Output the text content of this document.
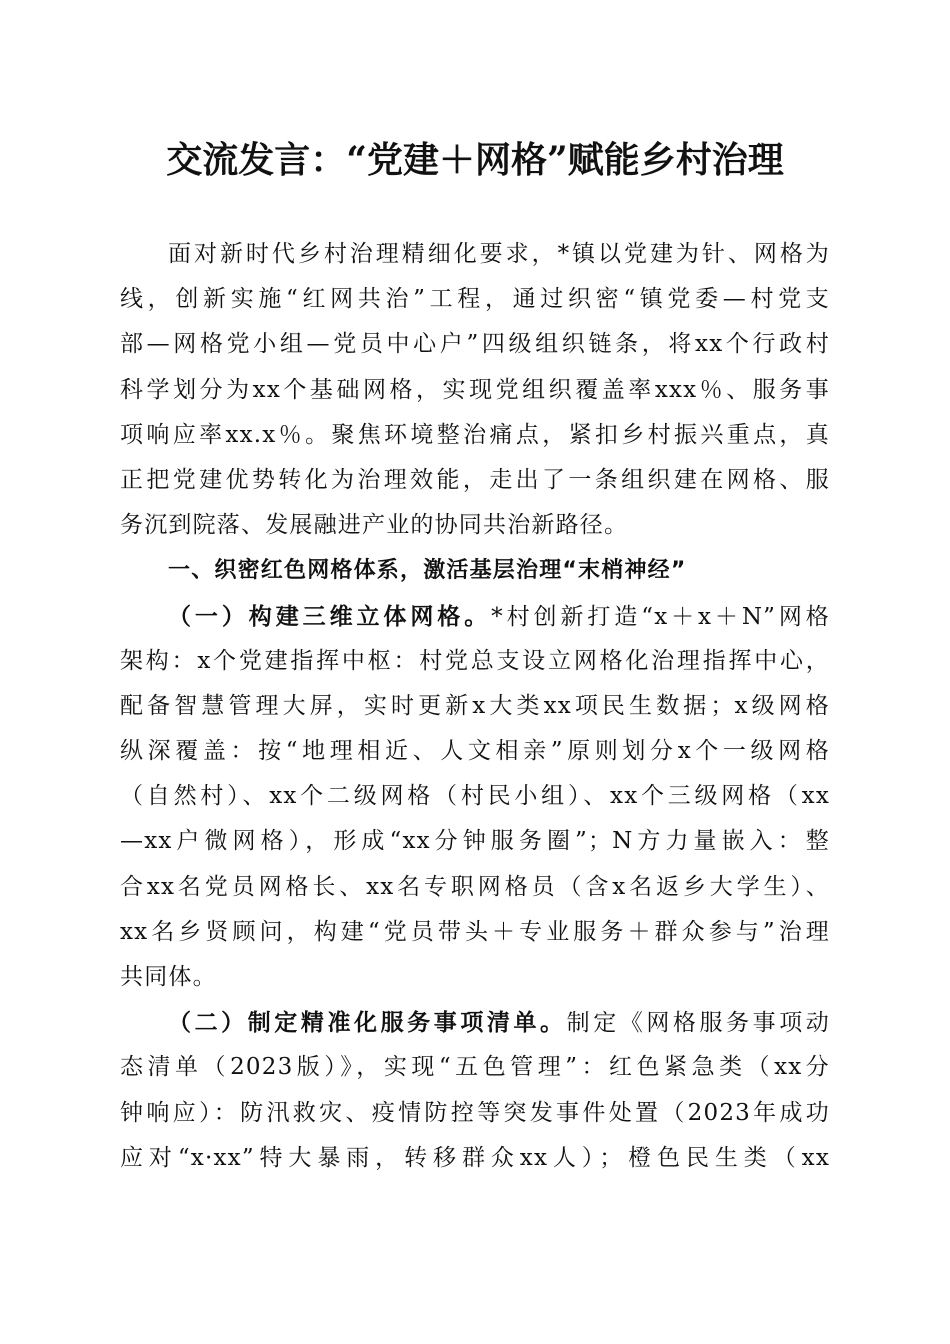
交流发言：“党建＋网格”赋能乡村治理
面对新时代乡村治理精细化要求，*镇以党建为针、网格为
线，创新实施“红网共治”工程，通过织密“镇党委—村党支
部—网格党小组—党员中心户”四级组织链条，将xx个行政村
科学划分为xx个基础网格，实现党组织覆盖率xxx％、服务事
项响应率xx.x％。聚焦环境整治痛点，紧扣乡村振兴重点，真
正把党建优势转化为治理效能，走出了一条组织建在网格、服
务沉到院落、发展融进产业的协同共治新路径。
一、织密红色网格体系，激活基层治理“末梢神经”
（一）构建三维立体网格。*村创新打造“x＋x＋N”网格
架构：x个党建指挥中枢：村党总支设立网格化治理指挥中心，
配备智慧管理大屏，实时更新x大类xx项民生数据；x级网格
纵深覆盖：按“地理相近、人文相亲”原则划分x个一级网格
（自然村）、xx个二级网格（村民小组）、xx个三级网格（xx
—xx户微网格），形成“xx分钟服务圈”；N方力量嵌入：整
合xx名党员网格长、xx名专职网格员（含x名返乡大学生）、
xx名乡贤顾问，构建“党员带头＋专业服务＋群众参与”治理
共同体。
（二）制定精准化服务事项清单。制定《网格服务事项动
态清单（2023版）》，实现“五色管理”：红色紧急类（xx分
钟响应）：防汛救灾、疫情防控等突发事件处置（2023年成功
应对“x·xx”特大暴雨，转移群众xx人）；橙色民生类（xx
